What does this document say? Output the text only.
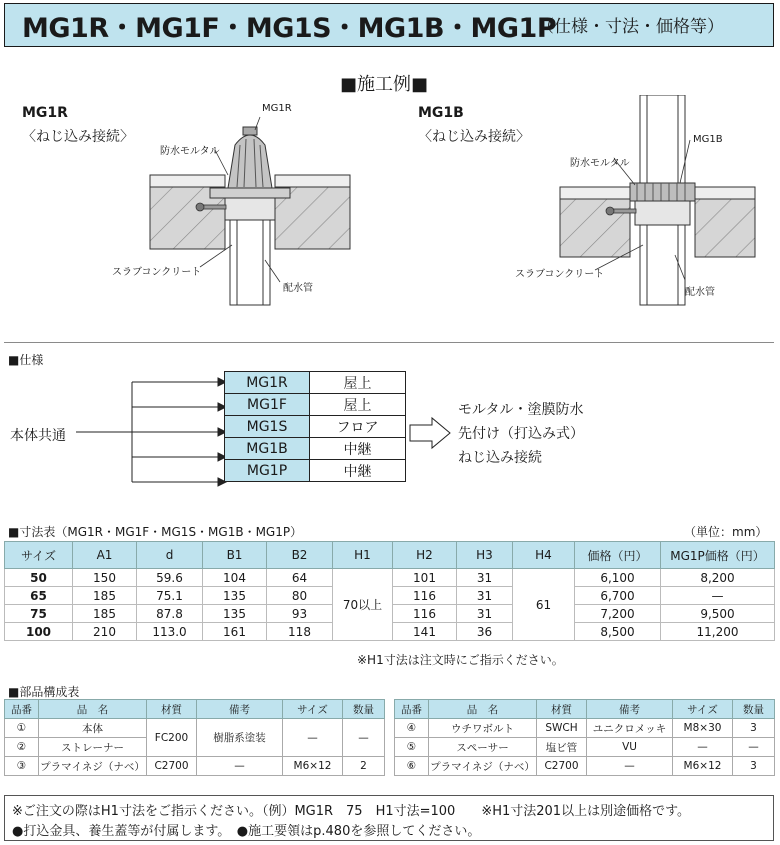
MG1R・MG1F・MG1S・MG1B・MG1P
（仕様・寸法・価格等）
■施工例■
MG1R
〈ねじ込み接続〉
MG1B
〈ねじ込み接続〉
MG1R
防水モルタル
スラブコンクリート
配水管
MG1B
防水モルタル
スラブコンクリート
配水管
■仕様
本体共通
MG1R	屋上
MG1F	屋上
MG1S	フロア
MG1B	中継
MG1P	中継
モルタル・塗膜防水
先付け（打込み式）
ねじ込み接続
■寸法表（MG1R・MG1F・MG1S・MG1B・MG1P）	（単位：mm）
サイズ	A1	d	B1	B2	H1	H2	H3	H4	価格（円）	MG1P価格（円）
50	150	59.6	104	64	70以上	101	31	61	6,100	8,200
65	185	75.1	135	80		116	31		6,700	—
75	185	87.8	135	93		116	31		7,200	9,500
100	210	113.0	161	118		141	36		8,500	11,200
※H1寸法は注文時にご指示ください。
■部品構成表
品番	品　名	材質	備考	サイズ	数量
①	本体	FC200	樹脂系塗装	—	—
②	ストレーナー				
③	プラマイネジ（ナベ）	C2700	—	M6×12	2
品番	品　名	材質	備考	サイズ	数量
④	ウチワボルト	SWCH	ユニクロメッキ	M8×30	3
⑤	スペーサー	塩ビ管	VU	—	—
⑥	プラマイネジ（ナベ）	C2700	—	M6×12	3
※ご注文の際はH1寸法をご指示ください。（例）MG1R　75　H1寸法=100　　※H1寸法201以上は別途価格です。
●打込金具、養生蓋等が付属します。　●施工要領はp.480を参照してください。
